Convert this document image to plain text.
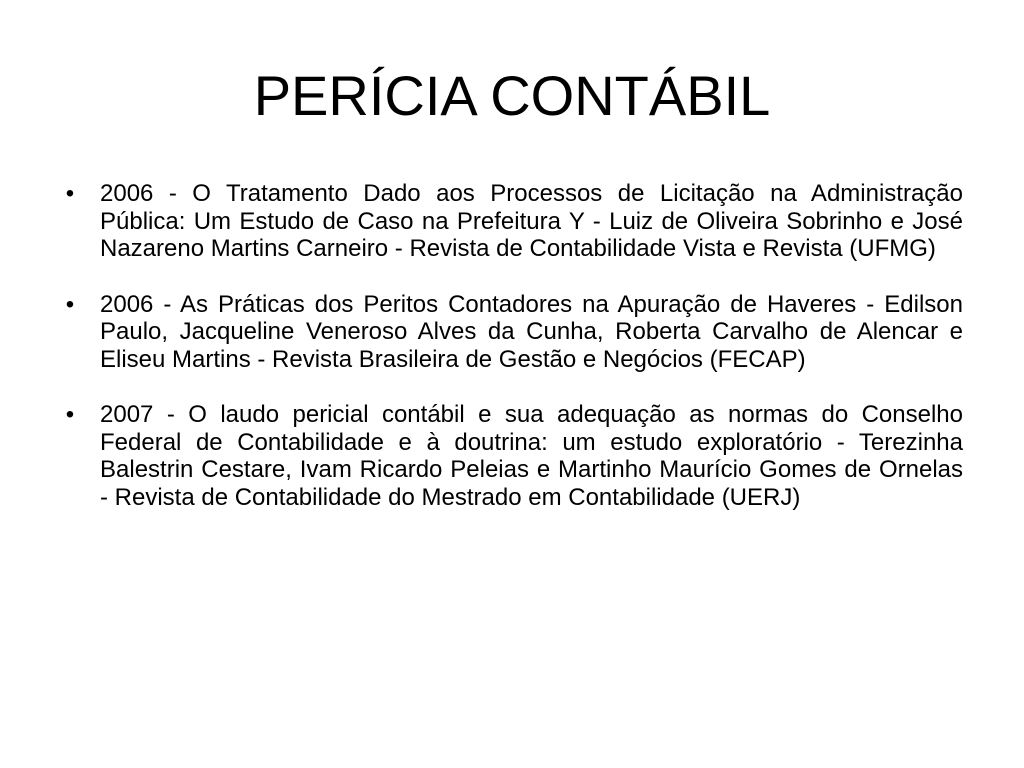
PERÍCIA CONTÁBIL
• 2006 - O Tratamento Dado aos Processos de Licitação na Administração Pública: Um Estudo de Caso na Prefeitura Y - Luiz de Oliveira Sobrinho e José Nazareno Martins Carneiro - Revista de Contabilidade Vista e Revista (UFMG)
• 2006 - As Práticas dos Peritos Contadores na Apuração de Haveres - Edilson Paulo, Jacqueline Veneroso Alves da Cunha, Roberta Carvalho de Alencar e Eliseu Martins - Revista Brasileira de Gestão e Negócios (FECAP)
• 2007 - O laudo pericial contábil e sua adequação as normas do Conselho Federal de Contabilidade e à doutrina: um estudo exploratório - Terezinha Balestrin Cestare, Ivam Ricardo Peleias e Martinho Maurício Gomes de Ornelas - Revista de Contabilidade do Mestrado em Contabilidade (UERJ)
